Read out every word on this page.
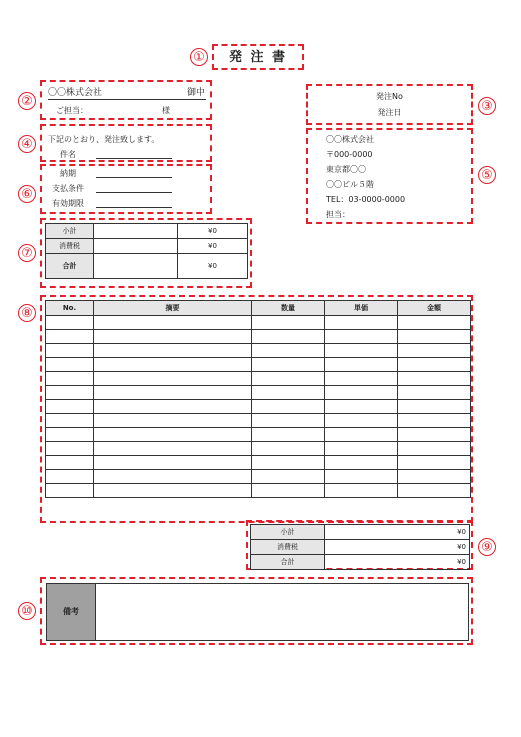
①	発 注 書
②
〇〇株式会社	御中
ご担当：	様	③
発注No
発注日
④	下記のとおり、発注致します。
件名
⑤
〇〇株式会社
〒000-0000
東京都〇〇
〇〇ビル５階
TEL：03-0000-0000
担当：
⑥
納期
支払条件
有効期限
⑦
小計		¥0
消費税		¥0
合計		¥0
⑧	No.	摘要	数量	単価	金額

⑨
小計	¥0
消費税	¥0
合計	¥0
⑩	備考
